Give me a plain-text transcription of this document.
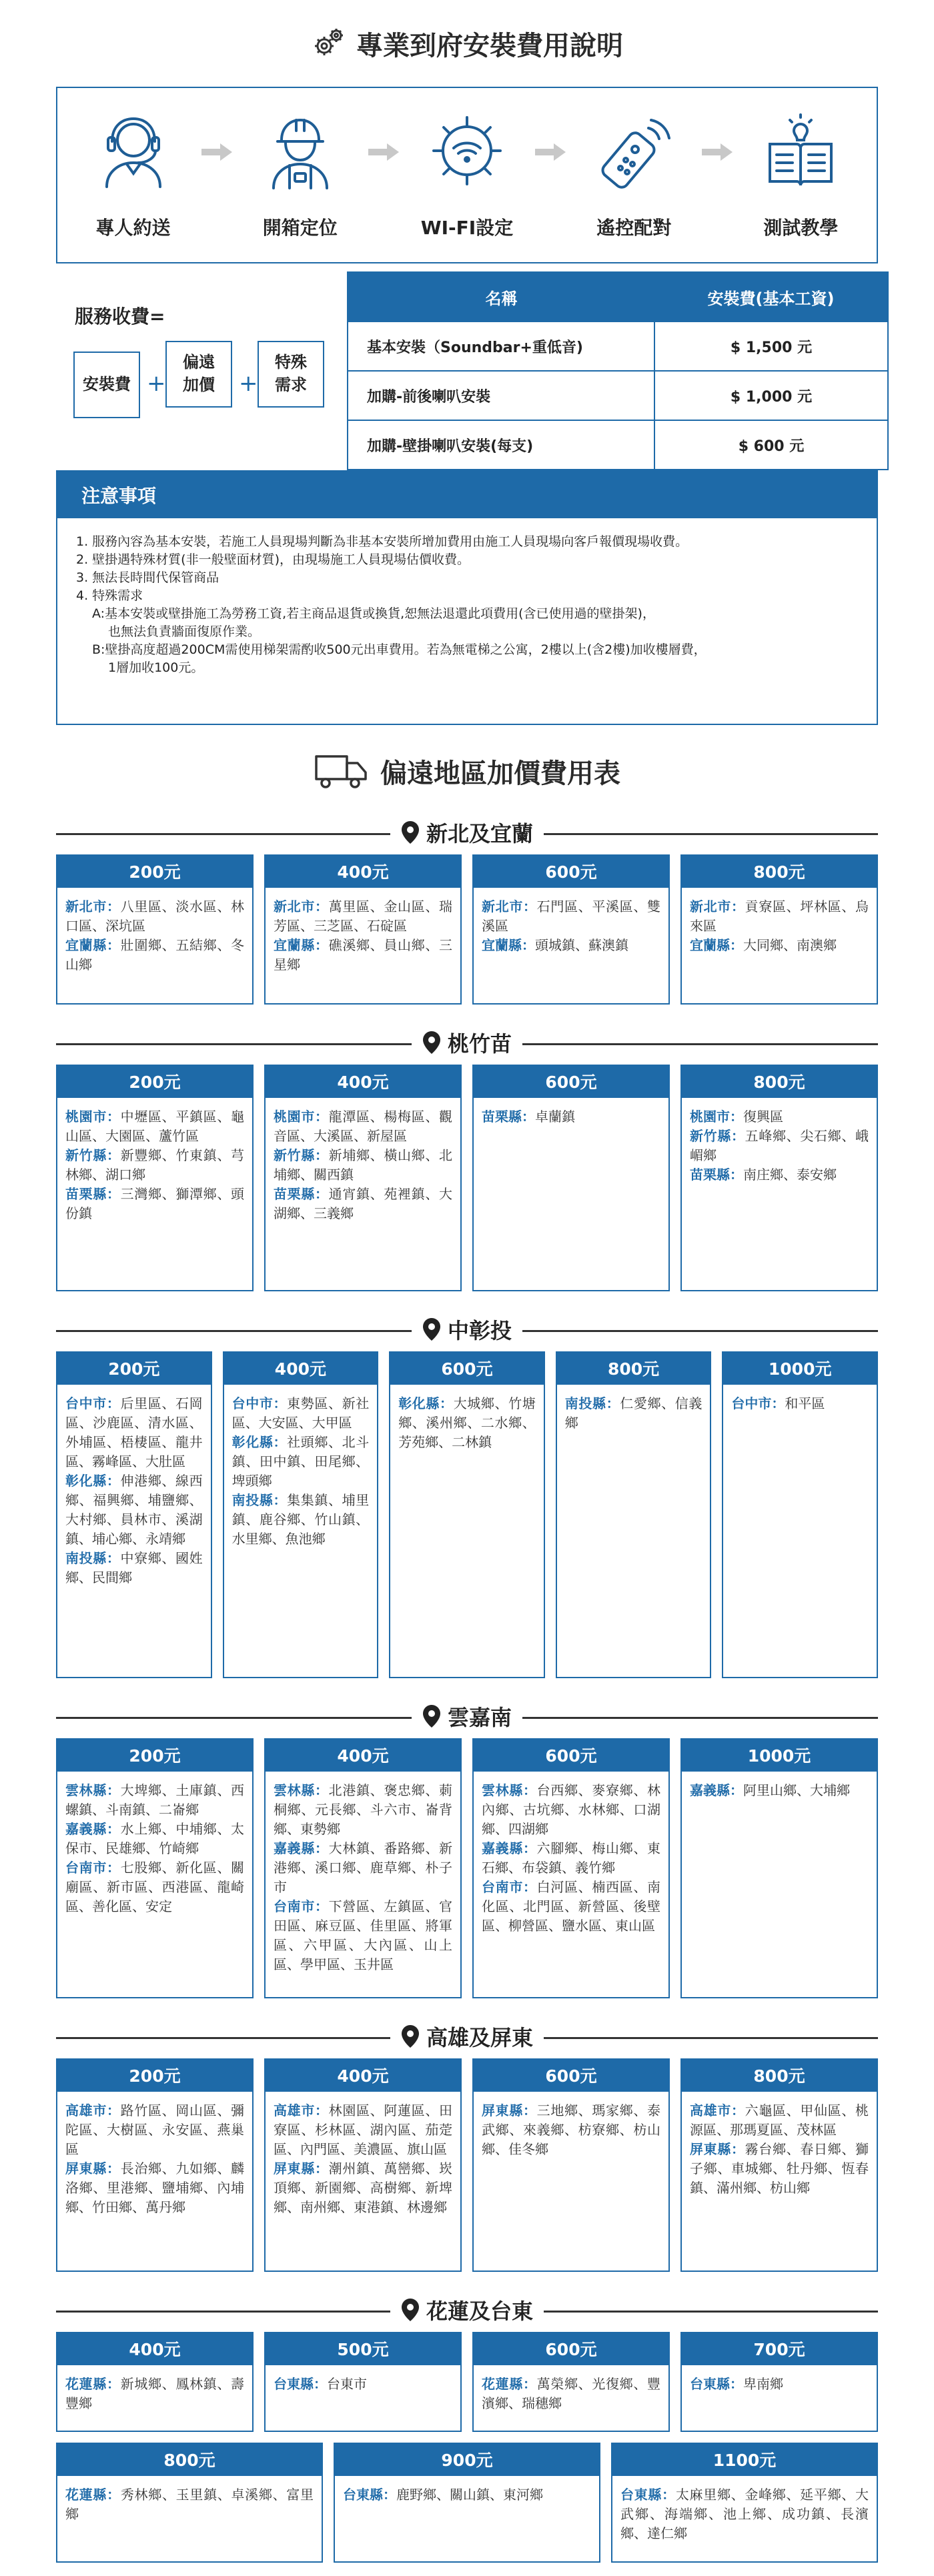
專業到府安裝費用說明
專人約送	開箱定位	WI-FI設定	遙控配對	測試教學
服務收費=
安裝費 +
偏遠
加價	+
特殊
需求
名稱	安裝費(基本工資)
基本安裝（Soundbar+重低音)	$ 1,500 元
加購-前後喇叭安裝	$ 1,000 元
加購-壁掛喇叭安裝(每支)	$ 600 元
注意事項
1. 服務內容為基本安裝，若施工人員現場判斷為非基本安裝所增加費用由施工人員現場向客戶報價現場收費。
2. 壁掛遇特殊材質(非一般壁面材質)，由現場施工人員現場估價收費。
3. 無法長時間代保管商品
4. 特殊需求
A:基本安裝或壁掛施工為勞務工資,若主商品退貨或換貨,恕無法退還此項費用(含已使用過的壁掛架)，
也無法負責牆面復原作業。
B:壁掛高度超過200CM需使用梯架需酌收500元出車費用。若為無電梯之公寓，2樓以上(含2樓)加收樓層費，
1層加收100元。
偏遠地區加價費用表
新北及宜蘭
200元
新北市：八里區、淡水區、林口區、深坑區
宜蘭縣：壯圍鄉、五結鄉、冬山鄉
400元
新北市：萬里區、金山區、瑞芳區、三芝區、石碇區
宜蘭縣：礁溪鄉、員山鄉、三星鄉
600元
新北市：石門區、平溪區、雙溪區
宜蘭縣：頭城鎮、蘇澳鎮
800元
新北市：貢寮區、坪林區、烏來區
宜蘭縣：大同鄉、南澳鄉
桃竹苗
200元
桃園市：中壢區、平鎮區、龜山區、大園區、蘆竹區
新竹縣：新豐鄉、竹東鎮、芎林鄉、湖口鄉
苗栗縣：三灣鄉、獅潭鄉、頭份鎮
400元
桃園市：龍潭區、楊梅區、觀音區、大溪區、新屋區
新竹縣：新埔鄉、橫山鄉、北埔鄉、關西鎮
苗栗縣：通宵鎮、苑裡鎮、大湖鄉、三義鄉
600元
苗栗縣：卓蘭鎮
800元
桃園市：復興區
新竹縣：五峰鄉、尖石鄉、峨嵋鄉
苗栗縣：南庄鄉、泰安鄉
中彰投
200元
台中市：后里區、石岡區、沙鹿區、清水區、外埔區、梧棲區、龍井區、霧峰區、大肚區
彰化縣：伸港鄉、線西鄉、福興鄉、埔鹽鄉、大村鄉、員林市、溪湖鎮、埔心鄉、永靖鄉
南投縣：中寮鄉、國姓鄉、民間鄉
400元
台中市：東勢區、新社區、大安區、大甲區
彰化縣：社頭鄉、北斗鎮、田中鎮、田尾鄉、埤頭鄉
南投縣：集集鎮、埔里鎮、鹿谷鄉、竹山鎮、水里鄉、魚池鄉
600元
彰化縣：大城鄉、竹塘鄉、溪州鄉、二水鄉、芳苑鄉、二林鎮
800元
南投縣：仁愛鄉、信義鄉
1000元
台中市：和平區
雲嘉南
200元
雲林縣：大埤鄉、土庫鎮、西螺鎮、斗南鎮、二崙鄉
嘉義縣：水上鄉、中埔鄉、太保市、民雄鄉、竹崎鄉
台南市：七股鄉、新化區、關廟區、新市區、西港區、龍崎區、善化區、安定
400元
雲林縣：北港鎮、褒忠鄉、莿桐鄉、元長鄉、斗六市、崙背鄉、東勢鄉
嘉義縣：大林鎮、番路鄉、新港鄉、溪口鄉、鹿草鄉、朴子市
台南市：下營區、左鎮區、官田區、麻豆區、佳里區、將軍區、六甲區、大內區、山上區、學甲區、玉井區
600元
雲林縣：台西鄉、麥寮鄉、林內鄉、古坑鄉、水林鄉、口湖鄉、四湖鄉
嘉義縣：六腳鄉、梅山鄉、東石鄉、布袋鎮、義竹鄉
台南市：白河區、楠西區、南化區、北門區、新營區、後壁區、柳營區、鹽水區、東山區
1000元
嘉義縣：阿里山鄉、大埔鄉
高雄及屏東
200元
高雄市：路竹區、岡山區、彌陀區、大樹區、永安區、燕巢區
屏東縣：長治鄉、九如鄉、麟洛鄉、里港鄉、鹽埔鄉、內埔鄉、竹田鄉、萬丹鄉
400元
高雄市：林園區、阿蓮區、田寮區、杉林區、湖內區、茄萣區、內門區、美濃區、旗山區
屏東縣：潮州鎮、萬巒鄉、崁頂鄉、新園鄉、高樹鄉、新埤鄉、南州鄉、東港鎮、林邊鄉
600元
屏東縣：三地鄉、瑪家鄉、泰武鄉、來義鄉、枋寮鄉、枋山鄉、佳冬鄉
800元
高雄市：六龜區、甲仙區、桃源區、那瑪夏區、茂林區
屏東縣：霧台鄉、春日鄉、獅子鄉、車城鄉、牡丹鄉、恆春鎮、滿州鄉、枋山鄉
花蓮及台東
400元
花蓮縣：新城鄉、鳳林鎮、壽豐鄉
500元
台東縣：台東市
600元
花蓮縣：萬榮鄉、光復鄉、豐濱鄉、瑞穗鄉
700元
台東縣：卑南鄉
800元
花蓮縣：秀林鄉、玉里鎮、卓溪鄉、富里鄉
900元
台東縣：鹿野鄉、關山鎮、東河鄉
1100元
台東縣：太麻里鄉、金峰鄉、延平鄉、大武鄉、海端鄉、池上鄉、成功鎮、長濱鄉、達仁鄉
